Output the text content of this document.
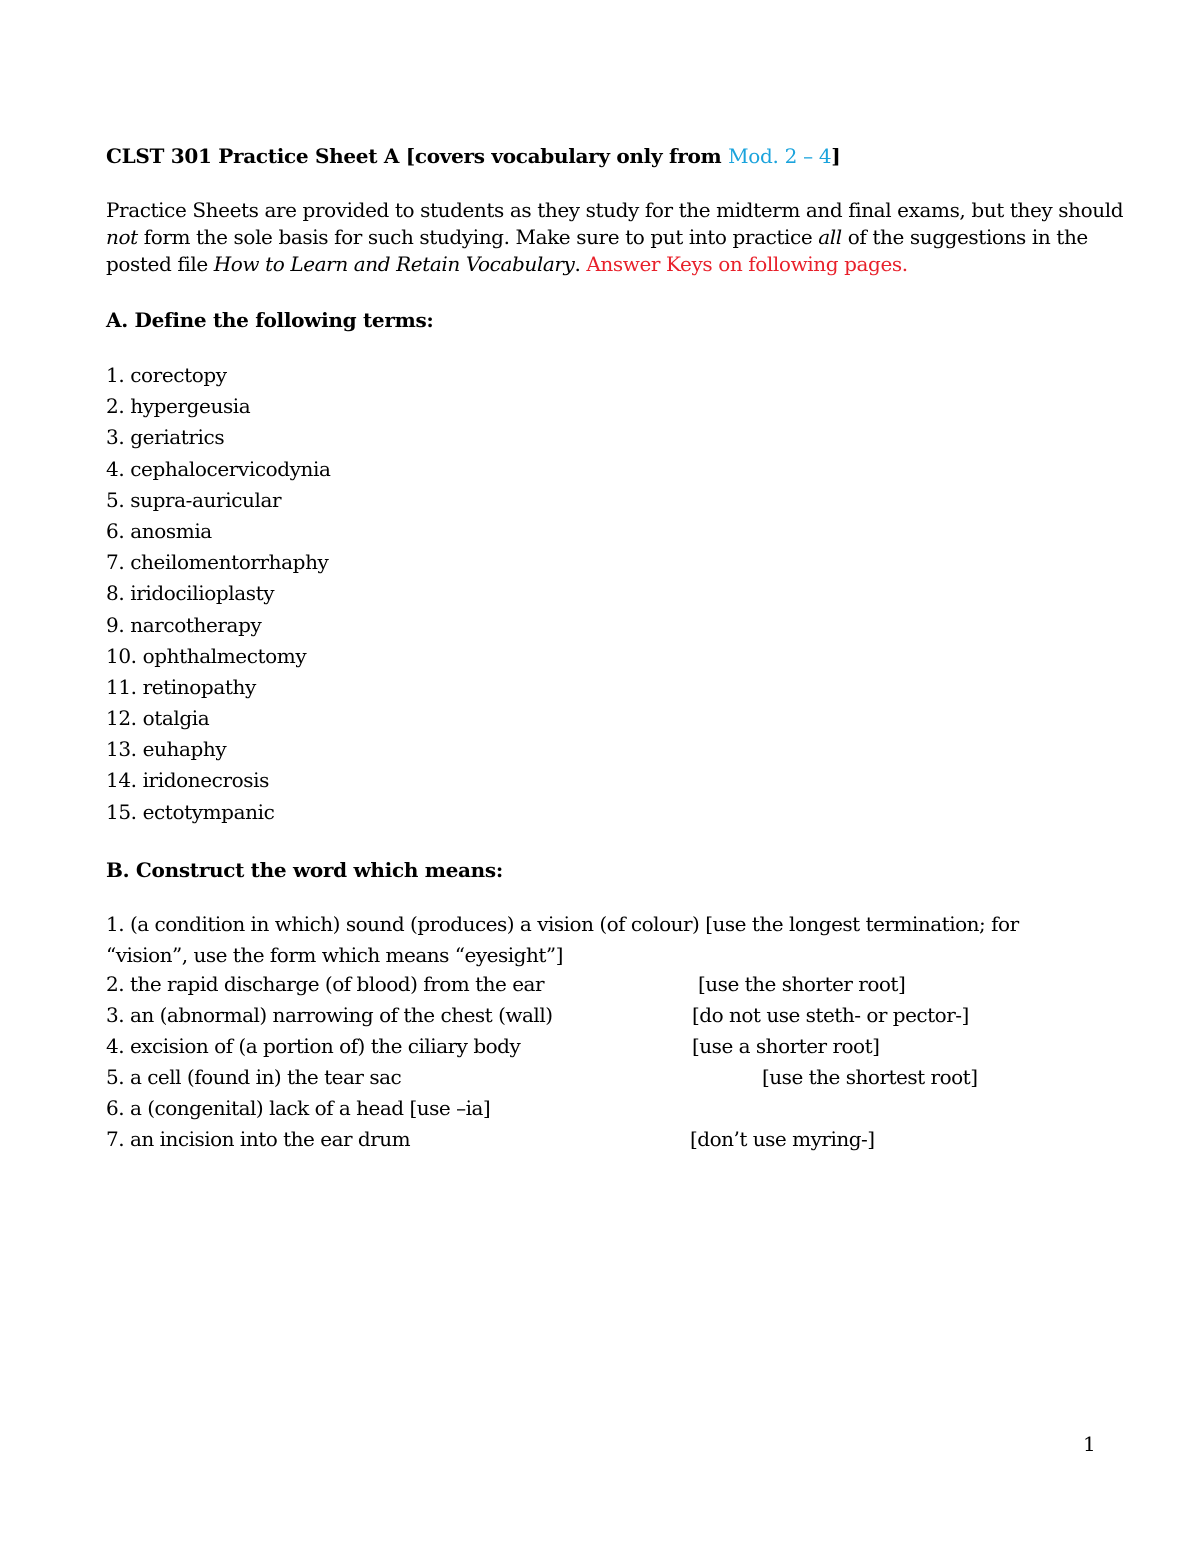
CLST 301 Practice Sheet A [covers vocabulary only from Mod. 2 – 4]
Practice Sheets are provided to students as they study for the midterm and final exams, but they should
not form the sole basis for such studying. Make sure to put into practice all of the suggestions in the
posted file How to Learn and Retain Vocabulary. Answer Keys on following pages.
A. Define the following terms:
1. corectopy
2. hypergeusia
3. geriatrics
4. cephalocervicodynia
5. supra-auricular
6. anosmia
7. cheilomentorrhaphy
8. iridocilioplasty
9. narcotherapy
10. ophthalmectomy
11. retinopathy
12. otalgia
13. euhaphy
14. iridonecrosis
15. ectotympanic
B. Construct the word which means:
1. (a condition in which) sound (produces) a vision (of colour) [use the longest termination; for “vision”, use the form which means “eyesight”]
2. the rapid discharge (of blood) from the ear	[use the shorter root]
3. an (abnormal) narrowing of the chest (wall)	[do not use steth- or pector-]
4. excision of (a portion of) the ciliary body	[use a shorter root]
5. a cell (found in) the tear sac	[use the shortest root]
6. a (congenital) lack of a head [use –ia]
7. an incision into the ear drum	[don’t use myring-]
1
